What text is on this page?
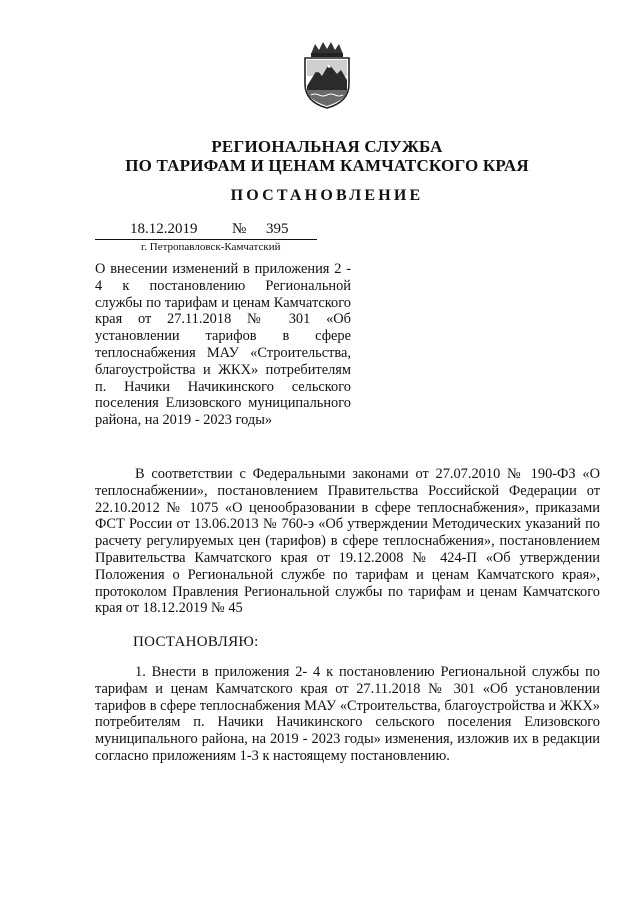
РЕГИОНАЛЬНАЯ СЛУЖБА
ПО ТАРИФАМ И ЦЕНАМ КАМЧАТСКОГО КРАЯ
ПОСТАНОВЛЕНИЕ
18.12.2019 № 395
г. Петропавловск-Камчатский
О внесении изменений в приложения 2 - 4 к постановлению Региональной службы по тарифам и ценам Камчатского края от 27.11.2018 № 301 «Об установлении тарифов в сфере теплоснабжения МАУ «Строительства, благоустройства и ЖКХ» потребителям п. Начики Начикинского сельского поселения Елизовского муниципального района, на 2019 - 2023 годы»
В соответствии с Федеральными законами от 27.07.2010 № 190-ФЗ «О теплоснабжении», постановлением Правительства Российской Федерации от 22.10.2012 № 1075 «О ценообразовании в сфере теплоснабжения», приказами ФСТ России от 13.06.2013 № 760-э «Об утверждении Методических указаний по расчету регулируемых цен (тарифов) в сфере теплоснабжения», постановлением Правительства Камчатского края от 19.12.2008 № 424-П «Об утверждении Положения о Региональной службе по тарифам и ценам Камчатского края», протоколом Правления Региональной службы по тарифам и ценам Камчатского края от 18.12.2019 № 45
ПОСТАНОВЛЯЮ:
1. Внести в приложения 2- 4 к постановлению Региональной службы по тарифам и ценам Камчатского края от 27.11.2018 № 301 «Об установлении тарифов в сфере теплоснабжения МАУ «Строительства, благоустройства и ЖКХ» потребителям п. Начики Начикинского сельского поселения Елизовского муниципального района, на 2019 - 2023 годы» изменения, изложив их в редакции согласно приложениям 1-3 к настоящему постановлению.
